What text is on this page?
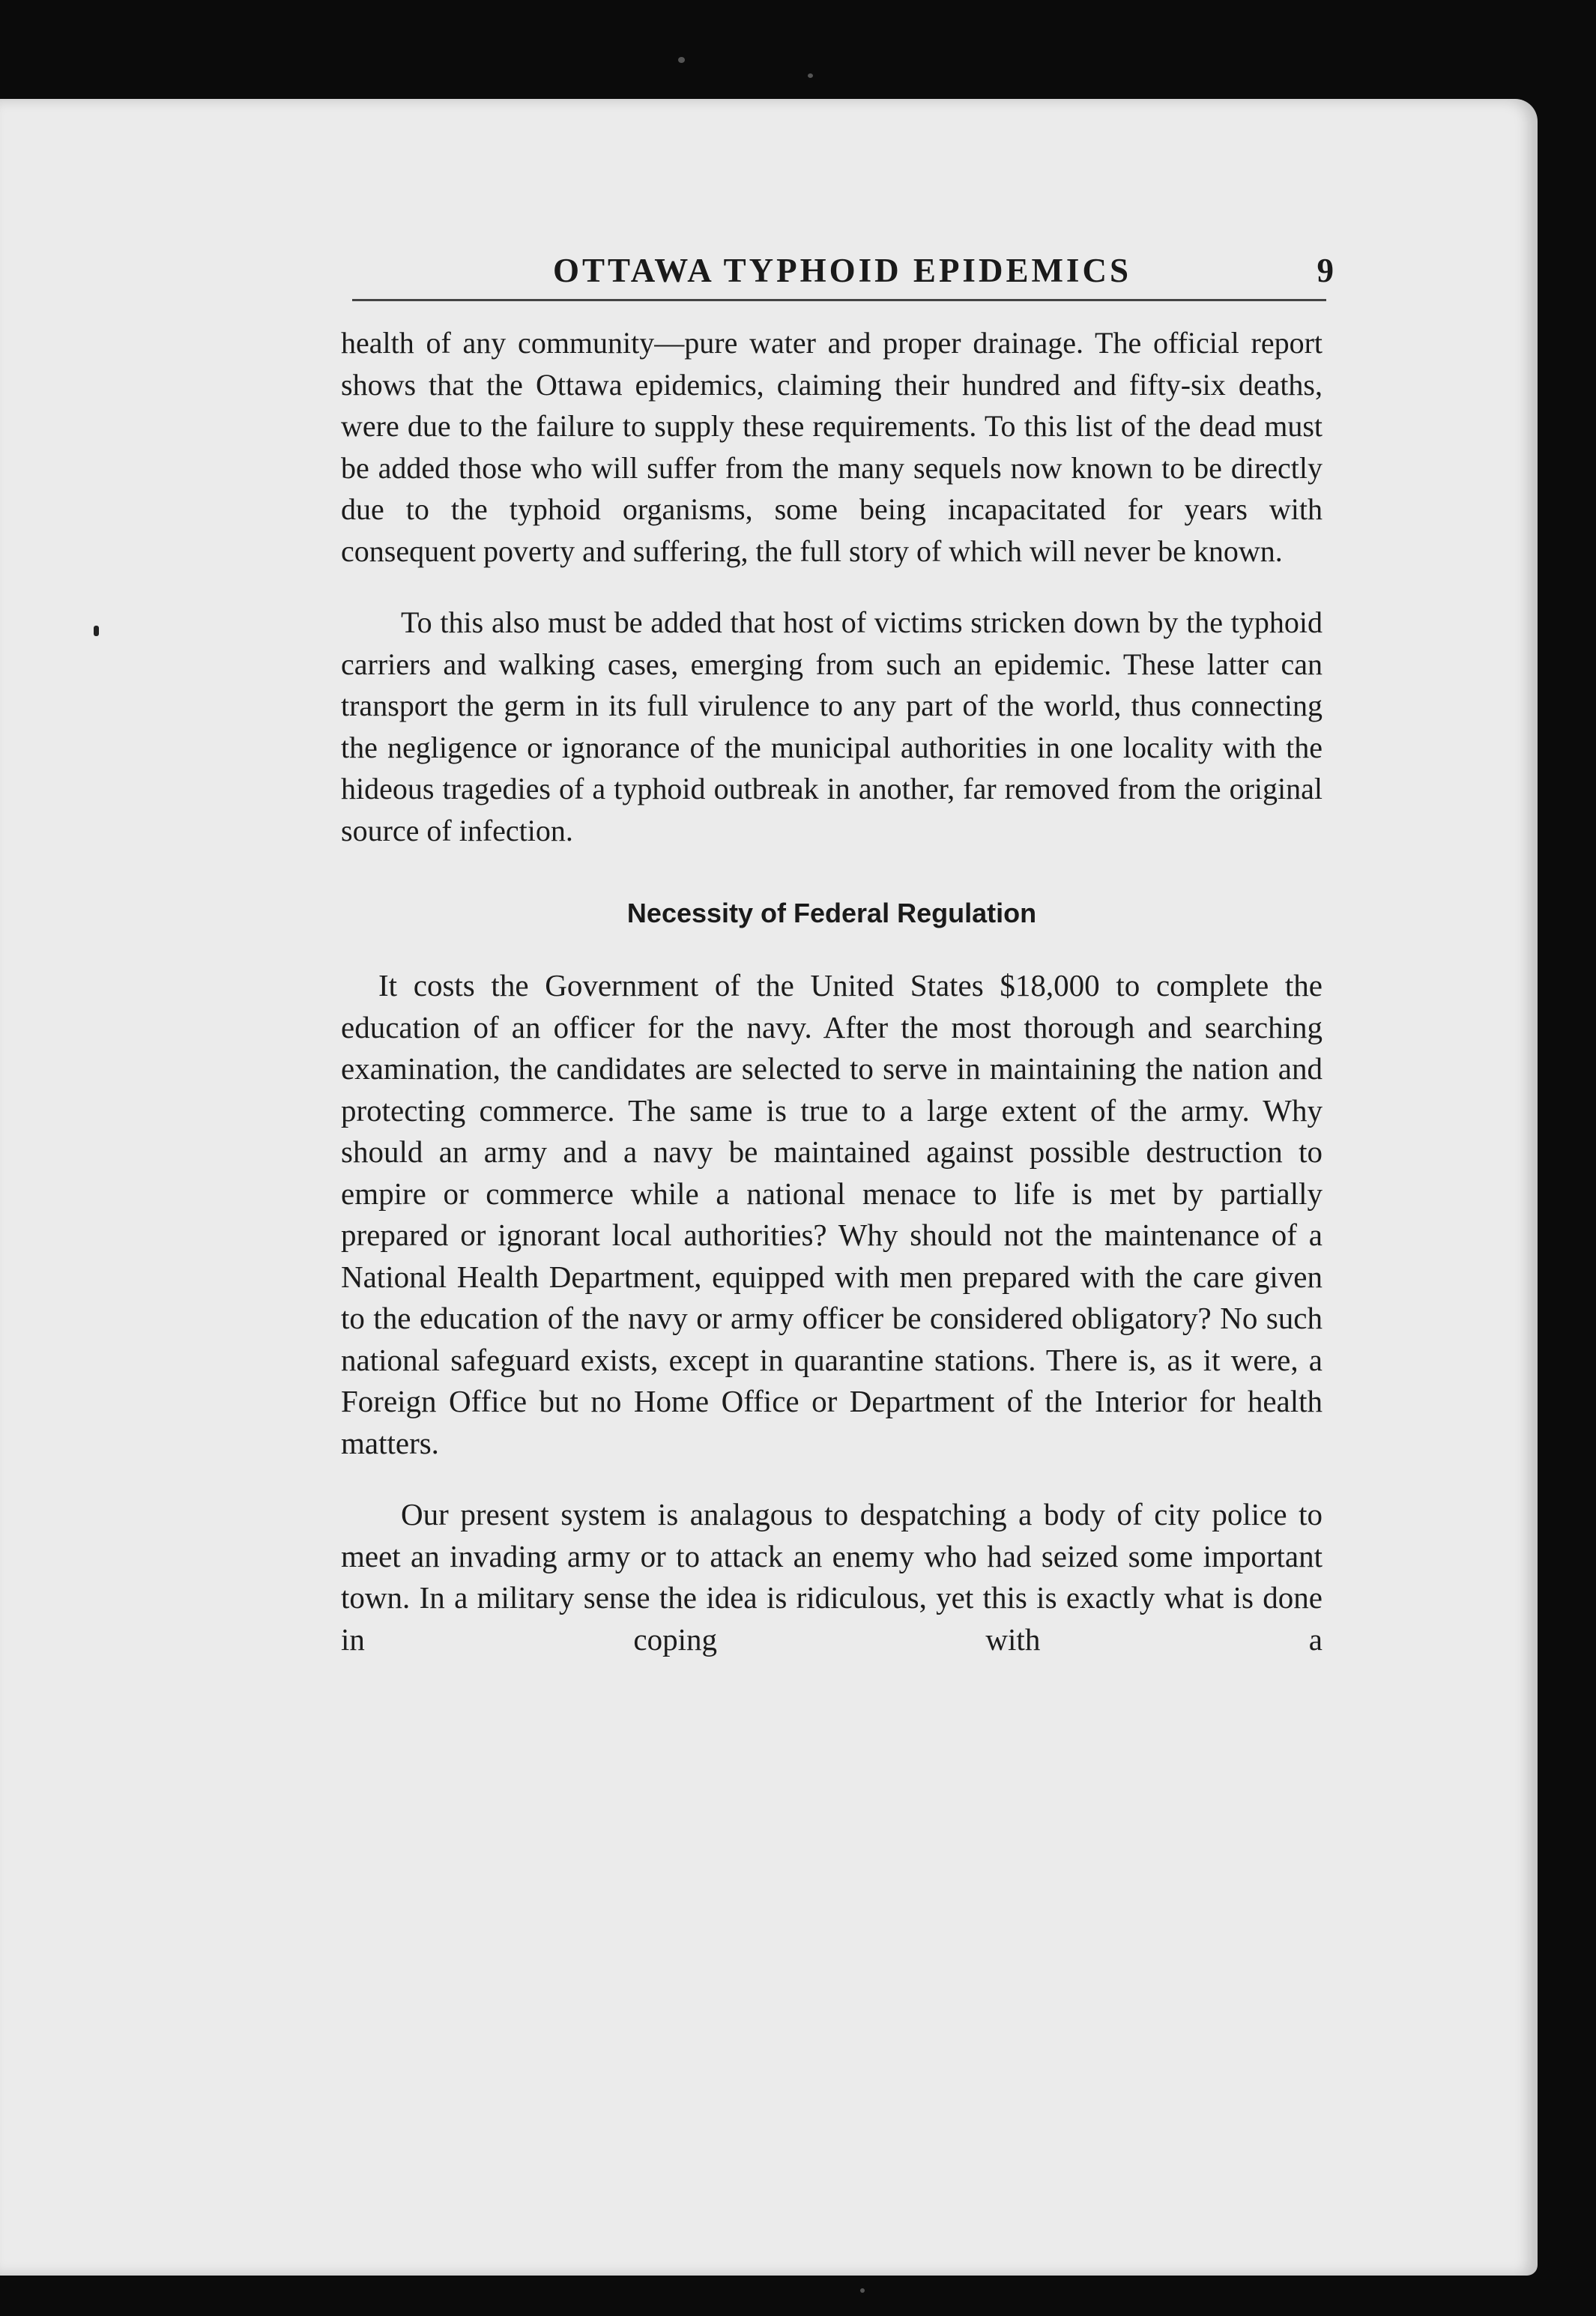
OTTAWA TYPHOID EPIDEMICS	9

health of any community—pure water and proper drainage. The official report shows that the Ottawa epidemics, claiming their hundred and fifty-six deaths, were due to the failure to supply these requirements. To this list of the dead must be added those who will suffer from the many sequels now known to be directly due to the typhoid organisms, some being incapacitated for years with consequent poverty and suffering, the full story of which will never be known.

To this also must be added that host of victims stricken down by the typhoid carriers and walking cases, emerging from such an epidemic. These latter can transport the germ in its full virulence to any part of the world, thus connecting the negligence or ignorance of the municipal authorities in one locality with the hideous tragedies of a typhoid outbreak in another, far removed from the original source of infection.

Necessity of Federal Regulation

It costs the Government of the United States $18,000 to complete the education of an officer for the navy. After the most thorough and searching examination, the candidates are selected to serve in maintaining the nation and protecting commerce. The same is true to a large extent of the army. Why should an army and a navy be maintained against possible destruction to empire or commerce while a national menace to life is met by partially prepared or ignorant local authorities? Why should not the maintenance of a National Health Department, equipped with men prepared with the care given to the education of the navy or army officer be considered obligatory? No such national safeguard exists, except in quarantine stations. There is, as it were, a Foreign Office but no Home Office or Department of the Interior for health matters.

Our present system is analagous to despatching a body of city police to meet an invading army or to attack an enemy who had seized some important town. In a military sense the idea is ridiculous, yet this is exactly what is done in coping with a
